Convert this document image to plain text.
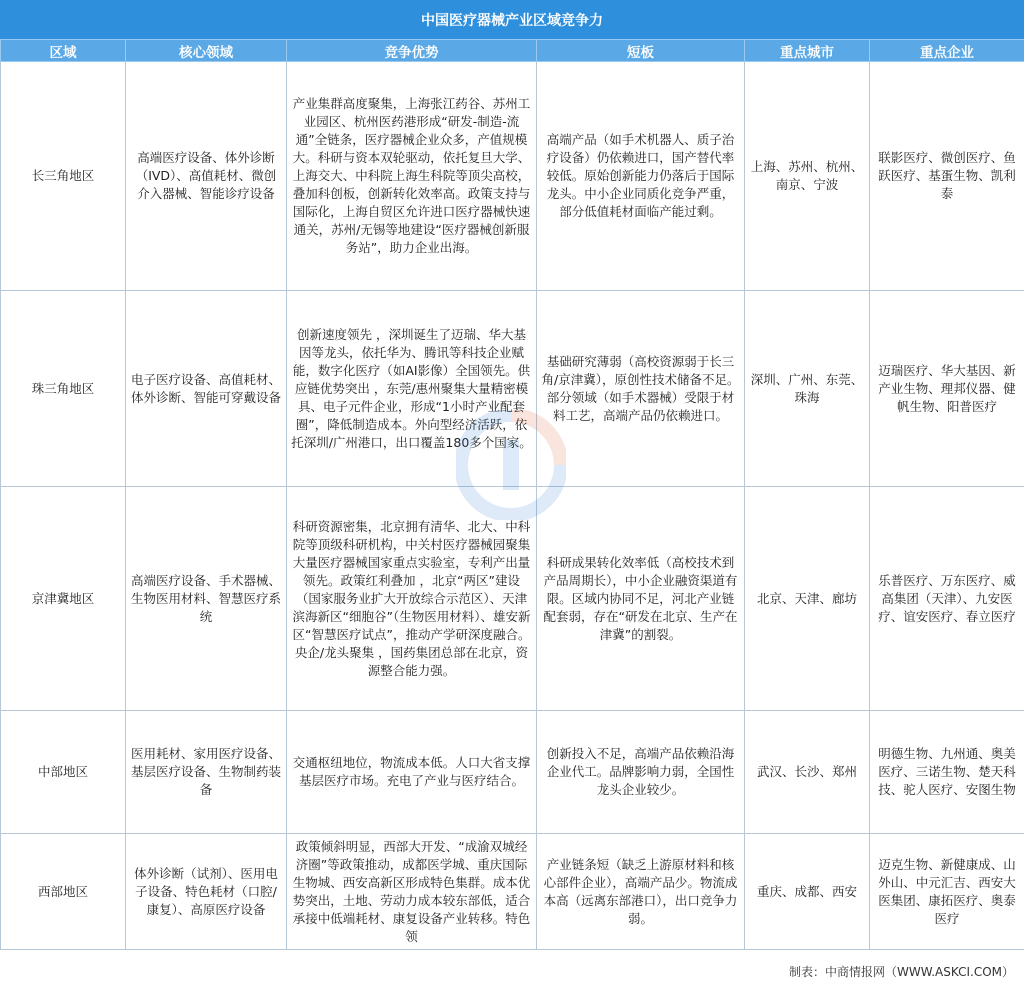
中国医疗器械产业区域竞争力
区域	核心领域	竞争优势	短板	重点城市	重点企业
长三角地区	高端医疗设备、体外诊断（IVD）、高值耗材、微创介入器械、智能诊疗设备	产业集群高度聚集，上海张江药谷、苏州工业园区、杭州医药港形成“研发-制造-流通”全链条，医疗器械企业众多，产值规模大。科研与资本双轮驱动，依托复旦大学、上海交大、中科院上海生科院等顶尖高校，叠加科创板，创新转化效率高。政策支持与国际化，上海自贸区允许进口医疗器械快速通关，苏州/无锡等地建设“医疗器械创新服务站”，助力企业出海。	高端产品（如手术机器人、质子治疗设备）仍依赖进口，国产替代率较低。原始创新能力仍落后于国际龙头。中小企业同质化竞争严重，部分低值耗材面临产能过剩。	上海、苏州、杭州、南京、宁波	联影医疗、微创医疗、鱼跃医疗、基蛋生物、凯利泰
珠三角地区	电子医疗设备、高值耗材、体外诊断、智能可穿戴设备	创新速度领先 ，深圳诞生了迈瑞、华大基因等龙头，依托华为、腾讯等科技企业赋能，数字化医疗（如AI影像）全国领先。供应链优势突出 ，东莞/惠州聚集大量精密模具、电子元件企业，形成“1小时产业配套圈”，降低制造成本。外向型经济活跃，依托深圳/广州港口，出口覆盖180多个国家。	基础研究薄弱（高校资源弱于长三角/京津冀），原创性技术储备不足。部分领域（如手术器械）受限于材料工艺，高端产品仍依赖进口。	深圳、广州、东莞、珠海	迈瑞医疗、华大基因、新产业生物、理邦仪器、健帆生物、阳普医疗
京津冀地区	高端医疗设备、手术器械、生物医用材料、智慧医疗系统	科研资源密集，北京拥有清华、北大、中科院等顶级科研机构，中关村医疗器械园聚集大量医疗器械国家重点实验室，专利产出量领先。政策红利叠加 ，北京“两区”建设（国家服务业扩大开放综合示范区）、天津滨海新区“细胞谷”（生物医用材料）、雄安新区“智慧医疗试点”，推动产学研深度融合。央企/龙头聚集 ，国药集团总部在北京，资源整合能力强。	科研成果转化效率低（高校技术到产品周期长），中小企业融资渠道有限。区域内协同不足，河北产业链配套弱，存在“研发在北京、生产在津冀”的割裂。	北京、天津、廊坊	乐普医疗、万东医疗、威高集团（天津）、九安医疗、谊安医疗、春立医疗
中部地区	医用耗材、家用医疗设备、基层医疗设备、生物制药装备	交通枢纽地位，物流成本低。人口大省支撑基层医疗市场。充电了产业与医疗结合。	创新投入不足，高端产品依赖沿海企业代工。品牌影响力弱，全国性龙头企业较少。	武汉、长沙、郑州	明德生物、九州通、奥美医疗、三诺生物、楚天科技、驼人医疗、安图生物
西部地区	体外诊断（试剂）、医用电子设备、特色耗材（口腔/康复）、高原医疗设备	政策倾斜明显，西部大开发、“成渝双城经济圈”等政策推动，成都医学城、重庆国际生物城、西安高新区形成特色集群。成本优势突出，土地、劳动力成本较东部低，适合承接中低端耗材、康复设备产业转移。特色领	产业链条短（缺乏上游原材料和核心部件企业），高端产品少。物流成本高（远离东部港口），出口竞争力弱。	重庆、成都、西安	迈克生物、新健康成、山外山、中元汇吉、西安大医集团、康拓医疗、奥泰医疗
制表：中商情报网（WWW.ASKCI.COM）
